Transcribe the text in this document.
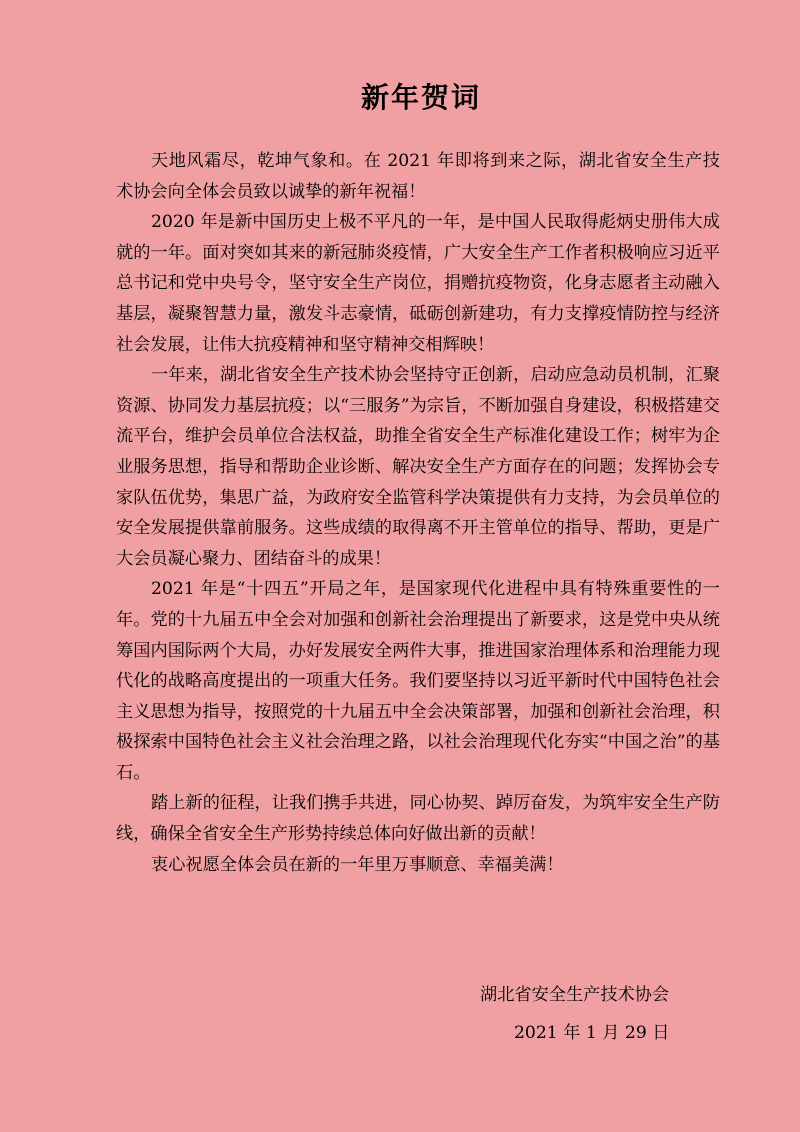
新年贺词

天地风霜尽，乾坤气象和。在 2021 年即将到来之际，湖北省安全生产技术协会向全体会员致以诚挚的新年祝福！

2020 年是新中国历史上极不平凡的一年，是中国人民取得彪炳史册伟大成就的一年。面对突如其来的新冠肺炎疫情，广大安全生产工作者积极响应习近平总书记和党中央号令，坚守安全生产岗位，捐赠抗疫物资，化身志愿者主动融入基层，凝聚智慧力量，激发斗志豪情，砥砺创新建功，有力支撑疫情防控与经济社会发展，让伟大抗疫精神和坚守精神交相辉映！

一年来，湖北省安全生产技术协会坚持守正创新，启动应急动员机制，汇聚资源、协同发力基层抗疫；以“三服务”为宗旨，不断加强自身建设，积极搭建交流平台，维护会员单位合法权益，助推全省安全生产标准化建设工作；树牢为企业服务思想，指导和帮助企业诊断、解决安全生产方面存在的问题；发挥协会专家队伍优势，集思广益，为政府安全监管科学决策提供有力支持，为会员单位的安全发展提供靠前服务。这些成绩的取得离不开主管单位的指导、帮助，更是广大会员凝心聚力、团结奋斗的成果！

2021 年是“十四五”开局之年，是国家现代化进程中具有特殊重要性的一年。党的十九届五中全会对加强和创新社会治理提出了新要求，这是党中央从统筹国内国际两个大局，办好发展安全两件大事，推进国家治理体系和治理能力现代化的战略高度提出的一项重大任务。我们要坚持以习近平新时代中国特色社会主义思想为指导，按照党的十九届五中全会决策部署，加强和创新社会治理，积极探索中国特色社会主义社会治理之路，以社会治理现代化夯实“中国之治”的基石。

踏上新的征程，让我们携手共进，同心协契、踔厉奋发，为筑牢安全生产防线，确保全省安全生产形势持续总体向好做出新的贡献！

衷心祝愿全体会员在新的一年里万事顺意、幸福美满！

湖北省安全生产技术协会
2021 年 1 月 29 日
